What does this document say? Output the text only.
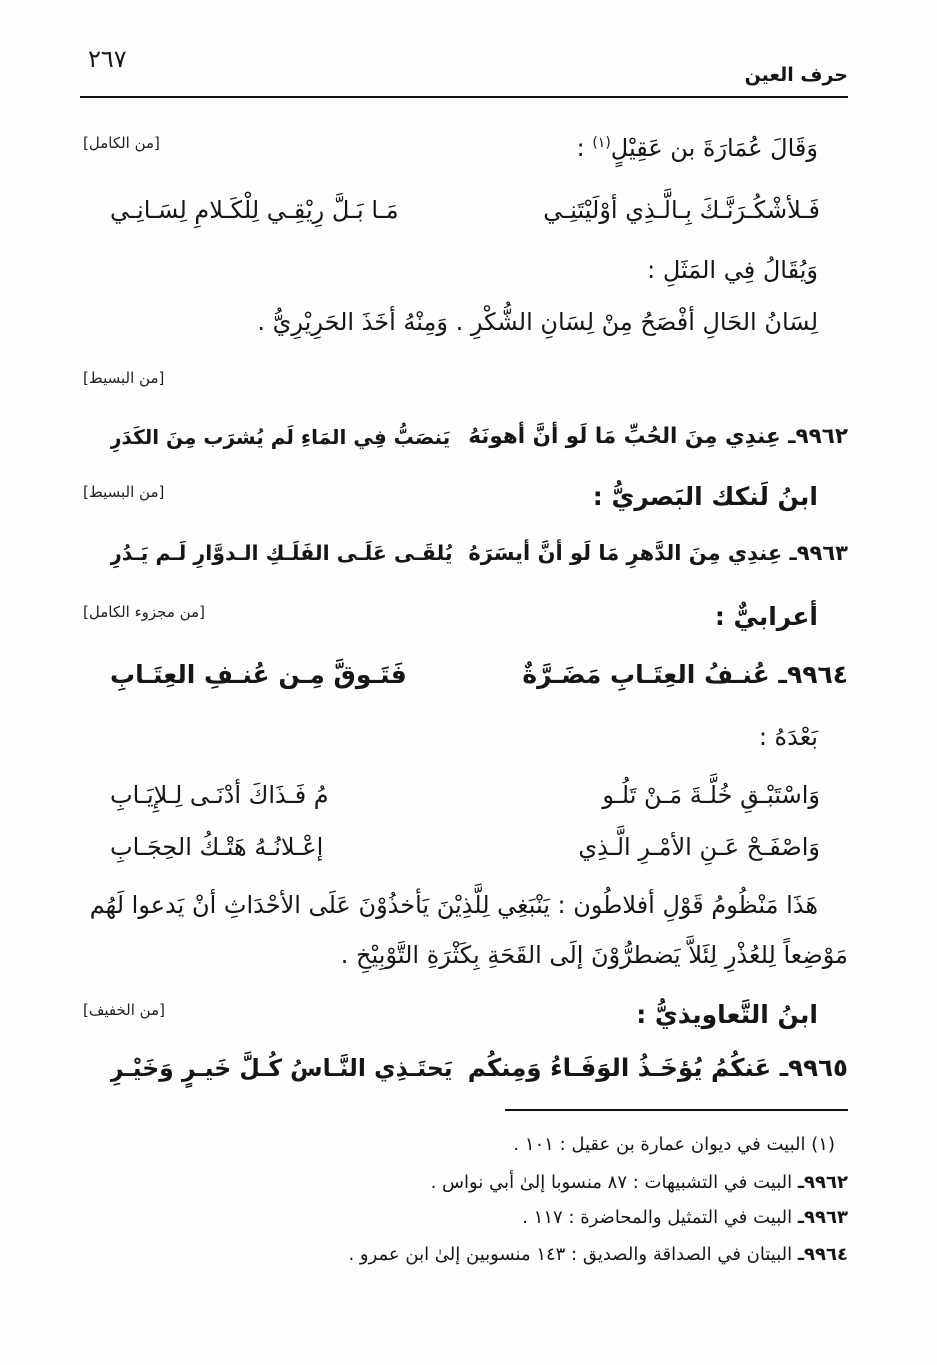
٢٦٧
حرف العين
وَقَالَ عُمَارَةَ بن عَقِيْلٍ$^{(١)}$ :
[من الكامل]
فَـلأشْكُـرَنَّـكَ بِـالَّـذِي أوْلَيْتَنِـي
مَـا بَـلَّ رِيْقِـي لِلْكَـلامِ لِسَـانِـي
وَيُقَالُ فِي المَثَلِ :
لِسَانُ الحَالِ أفْصَحُ مِنْ لِسَانِ الشُّكْرِ . وَمِنْهُ أخَذَ الحَرِيْرِيُّ .
[من البسيط]
٩٩٦٢ـ عِندِي مِنَ الحُبِّ مَا لَو أنَّ أهونَهُ
يَنصَبُّ فِي المَاءِ لَم يُشرَب مِنَ الكَدَرِ
ابنُ لَنكك البَصريُّ :
[من البسيط]
٩٩٦٣ـ عِندِي مِنَ الدَّهرِ مَا لَو أنَّ أيسَرَهُ
يُلقَـى عَلَـى الفَلَـكِ الـدوَّارِ لَـم يَـدُرِ
أعرابيٌّ :
[من مجزوء الكامل]
٩٩٦٤ـ عُنـفُ العِتَـابِ مَضَـرَّةٌ
فَتَـوقَّ مِـن عُنـفِ العِتَـابِ
بَعْدَهُ :
وَاسْتَبْـقِ خُلَّـةَ مَـنْ تَلُـو
مُ فَـذَاكَ أدْنَـى لِـلإِيَـابِ
وَاصْفَـحْ عَـنِ الأمْـرِ الَّـذِي
إعْـلانُـهُ هَتْـكُ الحِجَـابِ
هَذَا مَنْظُومُ قَوْلِ أفلاطُون : يَنْبَغِي لِلَّذِيْنَ يَأخذُوْنَ عَلَى الأحْدَاثِ أنْ يَدعوا لَهُم
مَوْضِعاً لِلعُذْرِ لِئَلاَّ يَضطرُّوْنَ إلَى القَحَةِ بِكَثْرَةِ التَّوْبِيْخِ .
ابنُ التَّعاويذيُّ :
[من الخفيف]
٩٩٦٥ـ عَنكُمُ يُؤخَـذُ الوَفَـاءُ وَمِنكُم
يَحتَـذِي النَّـاسُ كُـلَّ خَيـرٍ وَخَيْـرِ
(١) البيت في ديوان عمارة بن عقيل : ١٠١ .
٩٩٦٢ـ البيت في التشبيهات : ٨٧ منسوبا إلىٰ أبي نواس .
٩٩٦٣ـ البيت في التمثيل والمحاضرة : ١١٧ .
٩٩٦٤ـ البيتان في الصداقة والصديق : ١٤٣ منسوبين إلىٰ ابن عمرو .
